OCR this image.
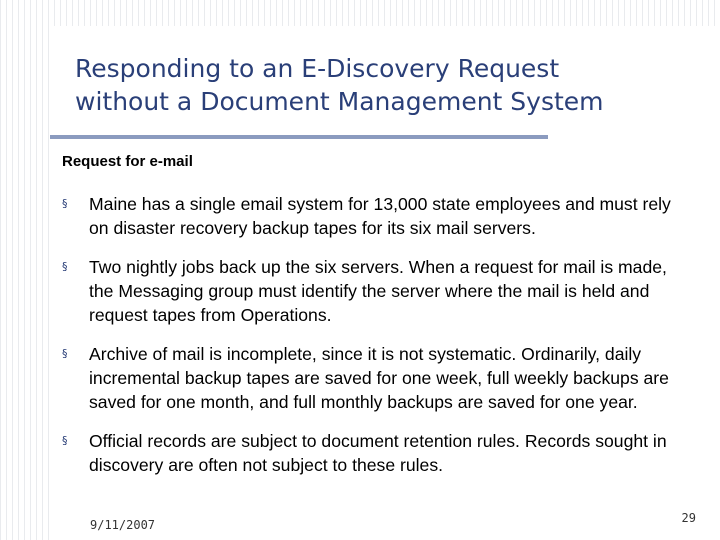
Responding to an E-Discovery Request
without a Document Management System

Request for e-mail

§ Maine has a single email system for 13,000 state employees and must rely on disaster recovery backup tapes for its six mail servers.
§ Two nightly jobs back up the six servers. When a request for mail is made, the Messaging group must identify the server where the mail is held and request tapes from Operations.
§ Archive of mail is incomplete, since it is not systematic. Ordinarily, daily incremental backup tapes are saved for one week, full weekly backups are saved for one month, and full monthly backups are saved for one year.
§ Official records are subject to document retention rules. Records sought in discovery are often not subject to these rules.
9/11/2007	29
